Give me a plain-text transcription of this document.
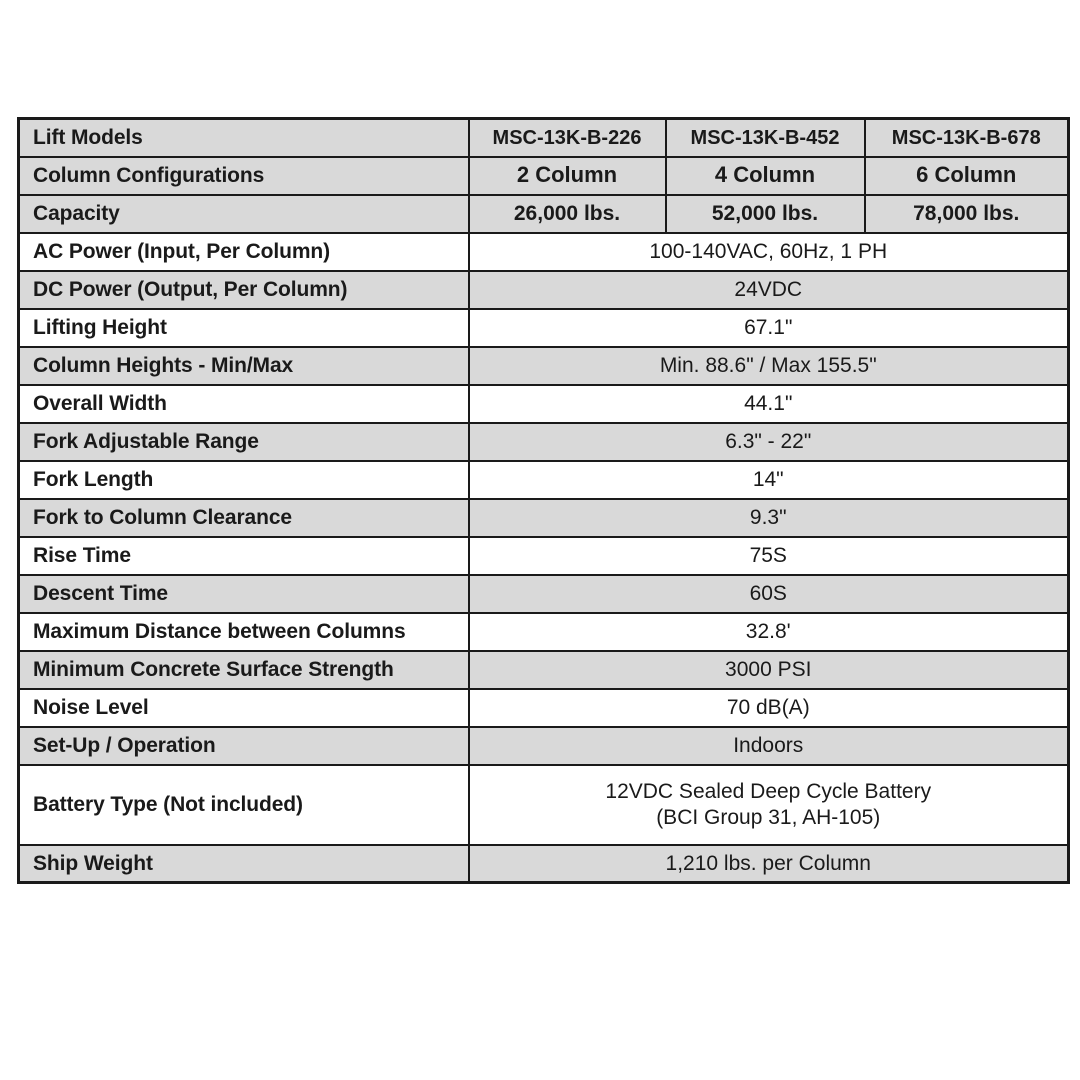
Lift Models	MSC-13K-B-226	MSC-13K-B-452	MSC-13K-B-678
Column Configurations	2 Column	4 Column	6 Column
Capacity	26,000 lbs.	52,000 lbs.	78,000 lbs.
AC Power (Input, Per Column)	100-140VAC, 60Hz, 1 PH		
DC Power (Output, Per Column)	24VDC		
Lifting Height	67.1"		
Column Heights - Min/Max	Min. 88.6" / Max 155.5"		
Overall Width	44.1"		
Fork Adjustable Range	6.3" - 22"		
Fork Length	14"		
Fork to Column Clearance	9.3"		
Rise Time	75S		
Descent Time	60S		
Maximum Distance between Columns	32.8'		
Minimum Concrete Surface Strength	3000 PSI		
Noise Level	70 dB(A)		
Set-Up / Operation	Indoors		
Battery Type (Not included)	12VDC Sealed Deep Cycle Battery
(BCI Group 31, AH-105)		

Ship Weight	1,210 lbs. per Column		
